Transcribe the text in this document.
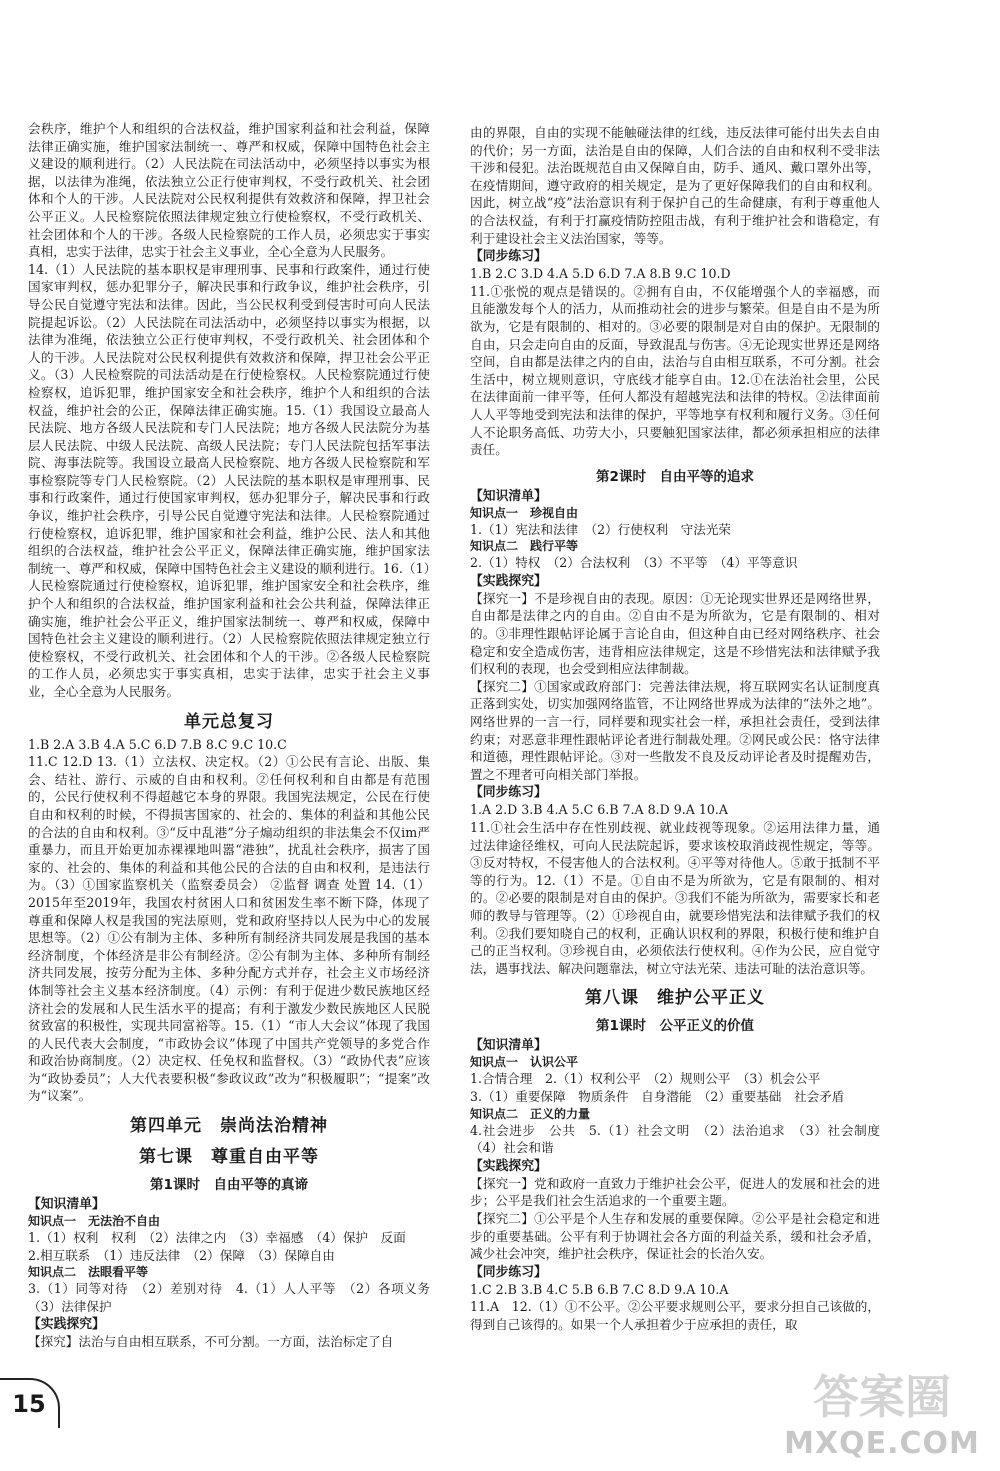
会秩序，维护个人和组织的合法权益，维护国家利益和社会利益，保障法律正确实施，维护国家法制统一、尊严和权威，保障中国特色社会主义建设的顺利进行。（2）人民法院在司法活动中，必须坚持以事实为根据，以法律为准绳，依法独立公正行使审判权，不受行政机关、社会团体和个人的干涉。人民法院对公民权利提供有效救济和保障，捍卫社会公平正义。人民检察院依照法律规定独立行使检察权，不受行政机关、社会团体和个人的干涉。各级人民检察院的工作人员，必须忠实于事实真相，忠实于法律，忠实于社会主义事业，全心全意为人民服务。

14.（1）人民法院的基本职权是审理刑事、民事和行政案件，通过行使国家审判权，惩办犯罪分子，解决民事和行政争议，维护社会秩序，引导公民自觉遵守宪法和法律。因此，当公民权利受到侵害时可向人民法院提起诉讼。（2）人民法院在司法活动中，必须坚持以事实为根据，以法律为准绳，依法独立公正行使审判权，不受行政机关、社会团体和个人的干涉。人民法院对公民权利提供有效救济和保障，捍卫社会公平正义。（3）人民检察院的司法活动是在行使检察权。人民检察院通过行使检察权，追诉犯罪，维护国家安全和社会秩序，维护个人和组织的合法权益，维护社会的公正，保障法律正确实施。15.（1）我国设立最高人民法院、地方各级人民法院和专门人民法院；地方各级人民法院分为基层人民法院、中级人民法院、高级人民法院；专门人民法院包括军事法院、海事法院等。我国设立最高人民检察院、地方各级人民检察院和军事检察院等专门人民检察院。（2）人民法院的基本职权是审理刑事、民事和行政案件，通过行使国家审判权，惩办犯罪分子，解决民事和行政争议，维护社会秩序，引导公民自觉遵守宪法和法律。人民检察院通过行使检察权，追诉犯罪，维护国家和社会利益，维护公民、法人和其他组织的合法权益，维护社会公平正义，保障法律正确实施，维护国家法制统一、尊严和权威，保障中国特色社会主义建设的顺利进行。16.（1）人民检察院通过行使检察权，追诉犯罪，维护国家安全和社会秩序，维护个人和组织的合法权益，维护国家利益和社会公共利益，保障法律正确实施，维护社会公平正义，维护国家法制统一、尊严和权威，保障中国特色社会主义建设的顺利进行。（2）人民检察院依照法律规定独立行使检察权，不受行政机关、社会团体和个人的干涉。②各级人民检察院的工作人员，必须忠实于事实真相，忠实于法律，忠实于社会主义事业，全心全意为人民服务。

单元总复习

1.B 2.A 3.B 4.A 5.C 6.D 7.B 8.C 9.C 10.C

11.C 12.D 13.（1）立法权、决定权。（2）①公民有言论、出版、集会、结社、游行、示威的自由和权利。②任何权利和自由都是有范围的，公民行使权利不得超越它本身的界限。我国宪法规定，公民在行使自由和权利的时候，不得损害国家的、社会的、集体的利益和其他公民的合法的自由和权利。③“反中乱港”分子煽动组织的非法集会不仅im严重暴力，而且开始更加赤裸裸地叫嚣“港独”，扰乱社会秩序，损害了国家的、社会的、集体的利益和其他公民的合法的自由和权利，是违法行为。（3）①国家监察机关（监察委员会） ②监督 调查 处置 14.（1）2015年至2019年，我国农村贫困人口和贫困发生率不断下降，体现了尊重和保障人权是我国的宪法原则，党和政府坚持以人民为中心的发展思想等。（2）①公有制为主体、多种所有制经济共同发展是我国的基本经济制度，个体经济是非公有制经济。②公有制为主体、多种所有制经济共同发展，按劳分配为主体、多种分配方式并存，社会主义市场经济体制等社会主义基本经济制度。（4）示例：有利于促进少数民族地区经济社会的发展和人民生活水平的提高；有利于激发少数民族地区人民脱贫致富的积极性，实现共同富裕等。15.（1）“市人大会议”体现了我国的人民代表大会制度，“市政协会议”体现了中国共产党领导的多党合作和政治协商制度。（2）决定权、任免权和监督权。（3）“政协代表”应该为“政协委员”；人大代表要积极“参政议政”改为“积极履职”；“提案”改为“议案”。

第四单元　崇尚法治精神
第七课　尊重自由平等
第1课时　自由平等的真谛
【知识清单】
知识点一　无法治不自由

1.（1）权利　权利　（2）法律之内　（3）幸福感　（4）保护　反面

2.相互联系　（1）违反法律　（2）保障　（3）保障自由

知识点二　法眼看平等

3.（1）同等对待　（2）差别对待　4.（1）人人平等　（2）各项义务　（3）法律保护

【实践探究】

【探究】法治与自由相互联系，不可分割。一方面，法治标定了自

由的界限，自由的实现不能触碰法律的红线，违反法律可能付出失去自由的代价；另一方面，法治是自由的保障，人们合法的自由和权利不受非法干涉和侵犯。法治既规范自由又保障自由，防手、通风、戴口罩外出等，在疫情期间，遵守政府的相关规定，是为了更好保障我们的自由和权利。因此，树立战“疫”法治意识有利于保护自己的生命健康，有利于尊重他人的合法权益，有利于打赢疫情防控阻击战，有利于维护社会和谐稳定，有利于建设社会主义法治国家，等等。

【同步练习】

1.B 2.C 3.D 4.A 5.D 6.D 7.A 8.B 9.C 10.D

11.①张悦的观点是错误的。②拥有自由，不仅能增强个人的幸福感，而且能激发每个人的活力，从而推动社会的进步与繁荣。但是自由不是为所欲为，它是有限制的、相对的。③必要的限制是对自由的保护。无限制的自由，只会走向自由的反面，导致混乱与伤害。④无论现实世界还是网络空间，自由都是法律之内的自由，法治与自由相互联系，不可分割。社会生活中，树立规则意识，守底线才能享自由。12.①在法治社会里，公民在法律面前一律平等，任何人都没有超越宪法和法律的特权。②法律面前人人平等地受到宪法和法律的保护，平等地享有权利和履行义务。③任何人不论职务高低、功劳大小，只要触犯国家法律，都必须承担相应的法律责任。

第2课时　自由平等的追求
【知识清单】
知识点一　珍视自由

1.（1）宪法和法律　（2）行使权利　守法光荣

知识点二　践行平等

2.（1）特权　（2）合法权利　（3）不平等　（4）平等意识

【实践探究】

【探究一】不是珍视自由的表现。原因：①无论现实世界还是网络世界，自由都是法律之内的自由。②自由不是为所欲为，它是有限制的、相对的。③非理性跟帖评论属于言论自由，但这种自由已经对网络秩序、社会稳定和安全造成伤害，违背相应法律规定，这是不珍惜宪法和法律赋予我们权利的表现，也会受到相应法律制裁。

【探究二】①国家或政府部门：完善法律法规，将互联网实名认证制度真正落到实处，切实加强网络监管，不让网络世界成为法律的“法外之地”。网络世界的一言一行，同样要和现实社会一样，承担社会责任，受到法律约束；对恶意非理性跟帖评论者进行制裁处理。②网民或公民：恪守法律和道德，理性跟帖评论。③对一些散发不良及反动评论者及时提醒劝告，置之不理者可向相关部门举报。

【同步练习】

1.A 2.D 3.B 4.A 5.C 6.B 7.A 8.D 9.A 10.A

11.①社会生活中存在性别歧视、就业歧视等现象。②运用法律力量，通过法律途径维权，可向人民法院起诉，要求该校取消歧视性规定，等等。③反对特权，不侵害他人的合法权利。④平等对待他人。⑤敢于抵制不平等的行为。12.（1）不是。①自由不是为所欲为，它是有限制的、相对的。②必要的限制是对自由的保护。③我们不能为所欲为，需要家长和老师的教导与管理等。（2）①珍视自由，就要珍惜宪法和法律赋予我们的权利。②我们要知晓自己的权利，正确认识权利的界限，积极行使和维护自己的正当权利。③珍视自由，必须依法行使权利。④作为公民，应自觉守法，遇事找法、解决问题靠法，树立守法光荣、违法可耻的法治意识等。

第八课　维护公平正义
第1课时　公平正义的价值
【知识清单】
知识点一　认识公平

1.合情合理　2.（1）权利公平　（2）规则公平　（3）机会公平

3.（1）重要保障　物质条件　自身潜能　（2）重要基础　社会矛盾

知识点二　正义的力量

4.社会进步　公共　5.（1）社会文明　（2）法治追求　（3）社会制度　（4）社会和谐

【实践探究】

【探究一】党和政府一直致力于维护社会公平，促进人的发展和社会的进步；公平是我们社会生活追求的一个重要主题。

【探究二】①公平是个人生存和发展的重要保障。②公平是社会稳定和进步的重要基础。公平有利于协调社会各方面的利益关系，缓和社会矛盾，减少社会冲突，维护社会秩序，保证社会的长治久安。

【同步练习】

1.C 2.B 3.B 4.C 5.B 6.B 7.C 8.D 9.A 10.A

11.A　12.（1）①不公平。②公平要求规则公平，要求分担自己该做的，得到自己该得的。如果一个人承担着少于应承担的责任，取

15	答案圈
MXQE.COM
